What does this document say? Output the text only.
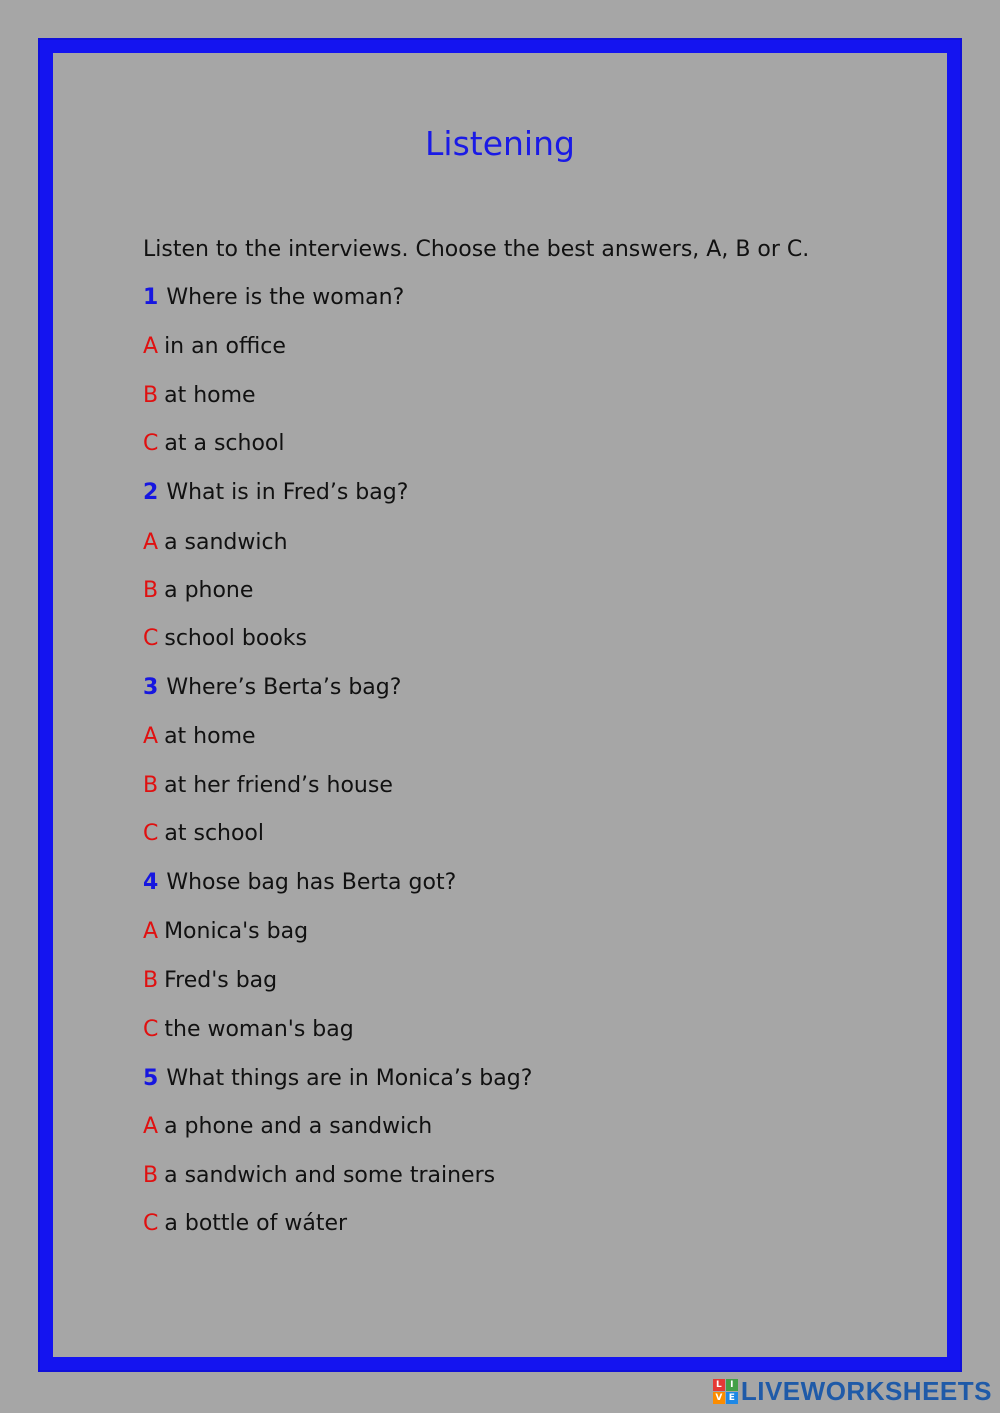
Listening
Listen to the interviews. Choose the best answers, A, B or C.
1 Where is the woman?
A in an office
B at home
C at a school
2 What is in Fred’s bag?
A a sandwich
B a phone
C school books
3 Where’s Berta’s bag?
A at home
B at her friend’s house
C at school
4 Whose bag has Berta got?
A Monica's bag
B Fred's bag
C the woman's bag
5 What things are in Monica’s bag?
A a phone and a sandwich
B a sandwich and some trainers
C a bottle of wáter
L I
V E LIVEWORKSHEETS
